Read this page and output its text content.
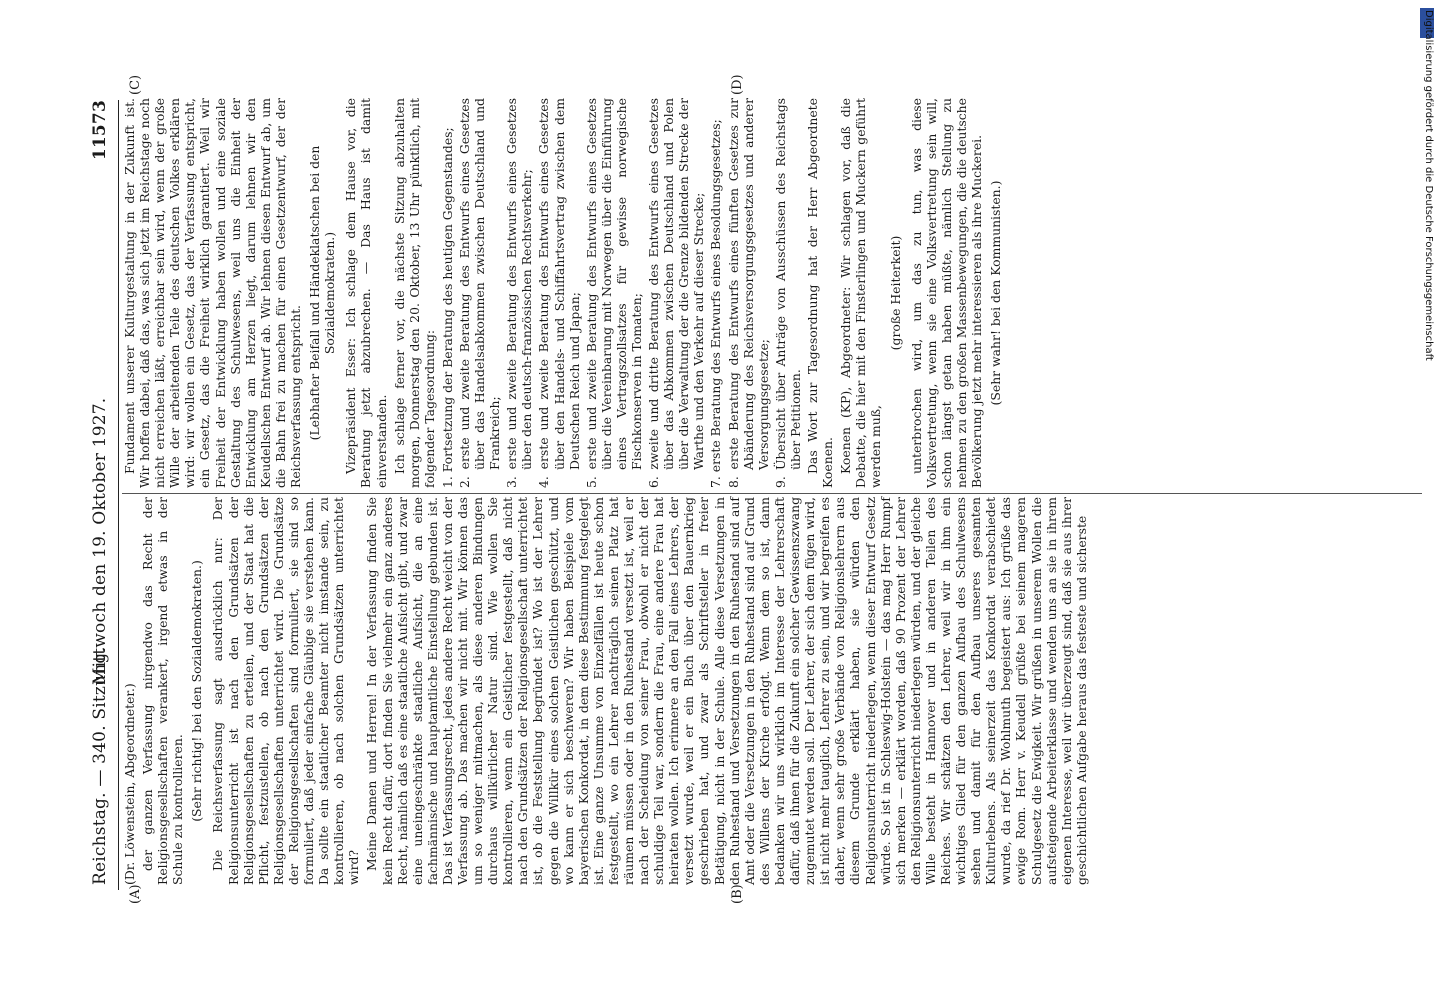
Reichstag. — 340. Sitzung.
Mittwoch den 19. Oktober 1927.
11573
(A)	(B)
(C)	(D)

(Dr. Löwenstein, Abgeordneter.) der ganzen Verfassung nirgendwo das Recht der Religionsgesellschaften verankert, irgend etwas in der Schule zu kontrollieren. (Sehr richtig! bei den Sozialdemokraten.) Die Reichsverfassung sagt ausdrücklich nur: Der Religionsunterricht ist nach den Grundsätzen der Religionsgesellschaften zu erteilen, und der Staat hat die Pflicht, festzustellen, ob nach den Grundsätzen der Religionsgesellschaften unterrichtet wird. Die Grundsätze der Religionsgesellschaften sind formuliert, sie sind so formuliert, daß jeder einfache Gläubige sie verstehen kann. Da sollte ein staatlicher Beamter nicht imstande sein, zu kontrollieren, ob nach solchen Grundsätzen unterrichtet wird? Meine Damen und Herren! In der Verfassung finden Sie kein Recht dafür, dort finden Sie vielmehr ein ganz anderes Recht, nämlich daß es eine staatliche Aufsicht gibt, und zwar eine uneingeschränkte staatliche Aufsicht, die an eine fachmännische und hauptamtliche Einstellung gebunden ist. Das ist Verfassungsrecht, jedes andere Recht weicht von der Verfassung ab. Das machen wir nicht mit. Wir können das um so weniger mitmachen, als diese anderen Bindungen durchaus willkürlicher Natur sind. Wie wollen Sie kontrollieren, wenn ein Geistlicher festgestellt, daß nicht nach den Grundsätzen der Religionsgesellschaft unterrichtet ist, ob die Feststellung begründet ist? Wo ist der Lehrer gegen die Willkür eines solchen Geistlichen geschützt, und wo kann er sich beschweren? Wir haben Beispiele vom bayerischen Konkordat, in dem diese Bestimmung festgelegt ist. Eine ganze Unsumme von Einzelfällen ist heute schon festgestellt, wo ein Lehrer nachträglich seinen Platz hat räumen müssen oder in den Ruhestand versetzt ist, weil er nach der Scheidung von seiner Frau, obwohl er nicht der schuldige Teil war, sondern die Frau, eine andere Frau hat heiraten wollen. Ich erinnere an den Fall eines Lehrers, der versetzt wurde, weil er ein Buch über den Bauernkrieg geschrieben hat, und zwar als Schriftsteller in freier Betätigung, nicht in der Schule. Alle diese Versetzungen in den Ruhestand und Versetzungen in den Ruhestand sind auf Amt oder die Versetzungen in den Ruhestand sind auf Grund des Willens der Kirche erfolgt. Wenn dem so ist, dann bedanken wir uns wirklich im Interesse der Lehrerschaft dafür, daß ihnen für die Zukunft ein solcher Gewissenszwang zugemutet werden soll. Der Lehrer, der sich dem fügen wird, ist nicht mehr tauglich, Lehrer zu sein, und wir begreifen es daher, wenn sehr große Verbände von Religionslehrern aus diesem Grunde erklärt haben, sie würden den Religionsunterricht niederlegen, wenn dieser Entwurf Gesetz würde. So ist in Schleswig-Holstein — das mag Herr Rumpf sich merken — erklärt worden, daß 90 Prozent der Lehrer den Religionsunterricht niederlegen würden, und der gleiche Wille besteht in Hannover und in anderen Teilen des Reiches. Wir schätzen den Lehrer, weil wir in ihm ein wichtiges Glied für den ganzen Aufbau des Schulwesens sehen und damit für den Aufbau unseres gesamten Kulturlebens. Als seinerzeit das Konkordat verabschiedet wurde, da rief Dr. Wohlmuth begeistert aus: Ich grüße das ewige Rom. Herr v. Keudell grüßte bei seinem mageren Schulgesetz die Ewigkeit. Wir grüßen in unserem Wollen die aufsteigende Arbeiterklasse und wenden uns an sie in ihrem eigenen Interesse, weil wir überzeugt sind, daß sie aus ihrer geschichtlichen Aufgabe heraus das festeste und sicherste

Fundament unserer Kulturgestaltung in der Zukunft ist. Wir hoffen dabei, daß das, was sich jetzt im Reichstage noch nicht erreichen läßt, erreichbar sein wird, wenn der große Wille der arbeitenden Teile des deutschen Volkes erklären wird: wir wollen ein Gesetz, das der Verfassung entspricht, ein Gesetz, das die Freiheit wirklich garantiert. Weil wir Freiheit der Entwicklung haben wollen und eine soziale Gestaltung des Schulwesens, weil uns die Einheit der Entwicklung am Herzen liegt, darum lehnen wir den Keudellschen Entwurf ab. Wir lehnen diesen Entwurf ab, um die Bahn frei zu machen für einen Gesetzentwurf, der der Reichsverfassung entspricht. (Lebhafter Beifall und Händeklatschen bei den Sozialdemokraten.) Vizepräsident Esser: Ich schlage dem Hause vor, die Beratung jetzt abzubrechen. — Das Haus ist damit einverstanden. Ich schlage ferner vor, die nächste Sitzung abzuhalten morgen, Donnerstag den 20. Oktober, 13 Uhr pünktlich, mit folgender Tagesordnung: 1. Fortsetzung der Beratung des heutigen Gegenstandes; 2. erste und zweite Beratung des Entwurfs eines Gesetzes über das Handelsabkommen zwischen Deutschland und Frankreich; 3. erste und zweite Beratung des Entwurfs eines Gesetzes über den deutsch-französischen Rechtsverkehr; 4. erste und zweite Beratung des Entwurfs eines Gesetzes über den Handels- und Schiffahrtsvertrag zwischen dem Deutschen Reich und Japan; 5. erste und zweite Beratung des Entwurfs eines Gesetzes über die Vereinbarung mit Norwegen über die Einführung eines Vertragszollsatzes für gewisse norwegische Fischkonserven in Tomaten; 6. zweite und dritte Beratung des Entwurfs eines Gesetzes über das Abkommen zwischen Deutschland und Polen über die Verwaltung der die Grenze bildenden Strecke der Warthe und den Verkehr auf dieser Strecke; 7. erste Beratung des Entwurfs eines Besoldungsgesetzes; 8. erste Beratung des Entwurfs eines fünften Gesetzes zur Abänderung des Reichsversorgungsgesetzes und anderer Versorgungsgesetze; 9. Übersicht über Anträge von Ausschüssen des Reichstags über Petitionen. Das Wort zur Tagesordnung hat der Herr Abgeordnete Koenen. Koenen (KP), Abgeordneter: Wir schlagen vor, daß die Debatte, die hier mit den Finsterlingen und Muckern geführt werden muß,

(große Heiterkeit) unterbrochen wird, um das zu tun, was diese Volksvertretung, wenn sie eine Volksvertretung sein will, schon längst getan haben müßte, nämlich Stellung zu nehmen zu den großen Massenbewegungen, die die deutsche Bevölkerung jetzt mehr interessieren als ihre Muckerei. (Sehr wahr! bei den Kommunisten.)	Digitalisierung gefördert durch die Deutsche Forschungsgemeinschaft
